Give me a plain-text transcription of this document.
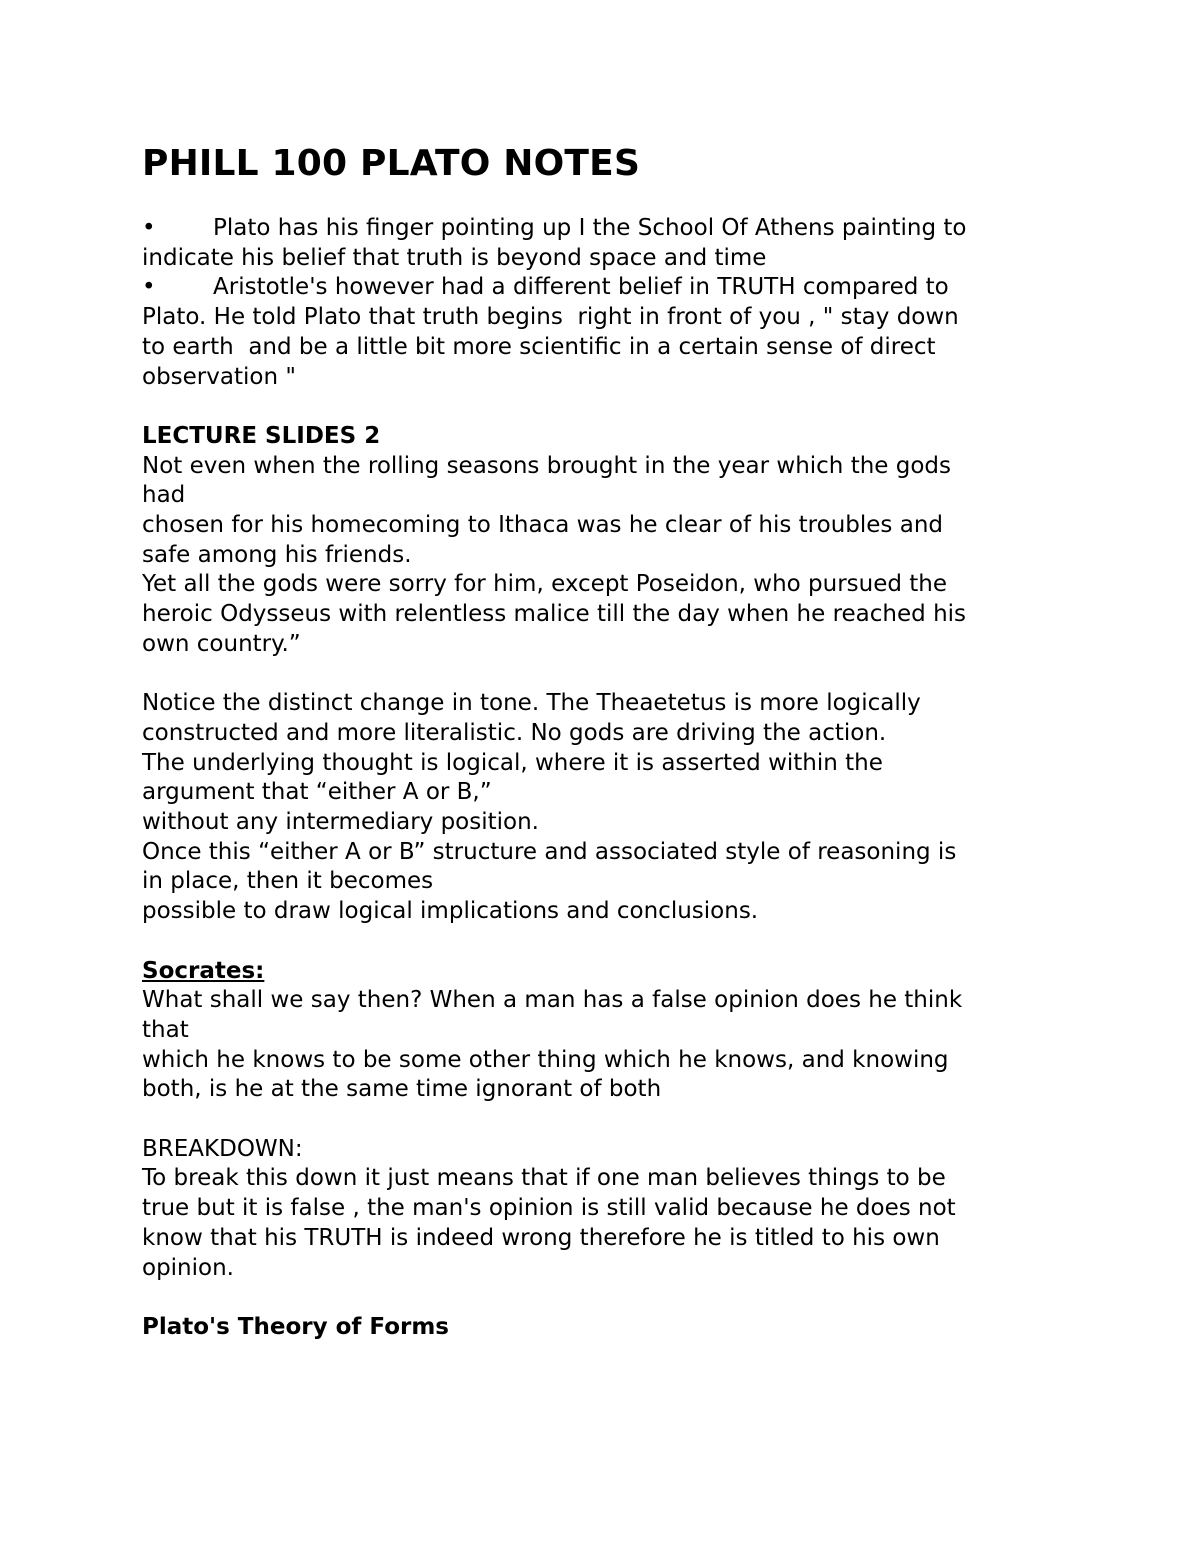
PHILL 100 PLATO NOTES
•	Plato has his finger pointing up I the School Of Athens painting to
indicate his belief that truth is beyond space and time
•	Aristotle's however had a different belief in TRUTH compared to
Plato. He told Plato that truth begins  right in front of you , " stay down
to earth  and be a little bit more scientific in a certain sense of direct
observation "
LECTURE SLIDES 2
Not even when the rolling seasons brought in the year which the gods
had
chosen for his homecoming to Ithaca was he clear of his troubles and
safe among his friends.
Yet all the gods were sorry for him, except Poseidon, who pursued the
heroic Odysseus with relentless malice till the day when he reached his
own country.”
Notice the distinct change in tone. The Theaetetus is more logically
constructed and more literalistic. No gods are driving the action.
The underlying thought is logical, where it is asserted within the
argument that “either A or B,”
without any intermediary position.
Once this “either A or B” structure and associated style of reasoning is
in place, then it becomes
possible to draw logical implications and conclusions.
Socrates:
What shall we say then? When a man has a false opinion does he think
that
which he knows to be some other thing which he knows, and knowing
both, is he at the same time ignorant of both
BREAKDOWN:
To break this down it just means that if one man believes things to be
true but it is false , the man's opinion is still valid because he does not
know that his TRUTH is indeed wrong therefore he is titled to his own
opinion.
Plato's Theory of Forms
